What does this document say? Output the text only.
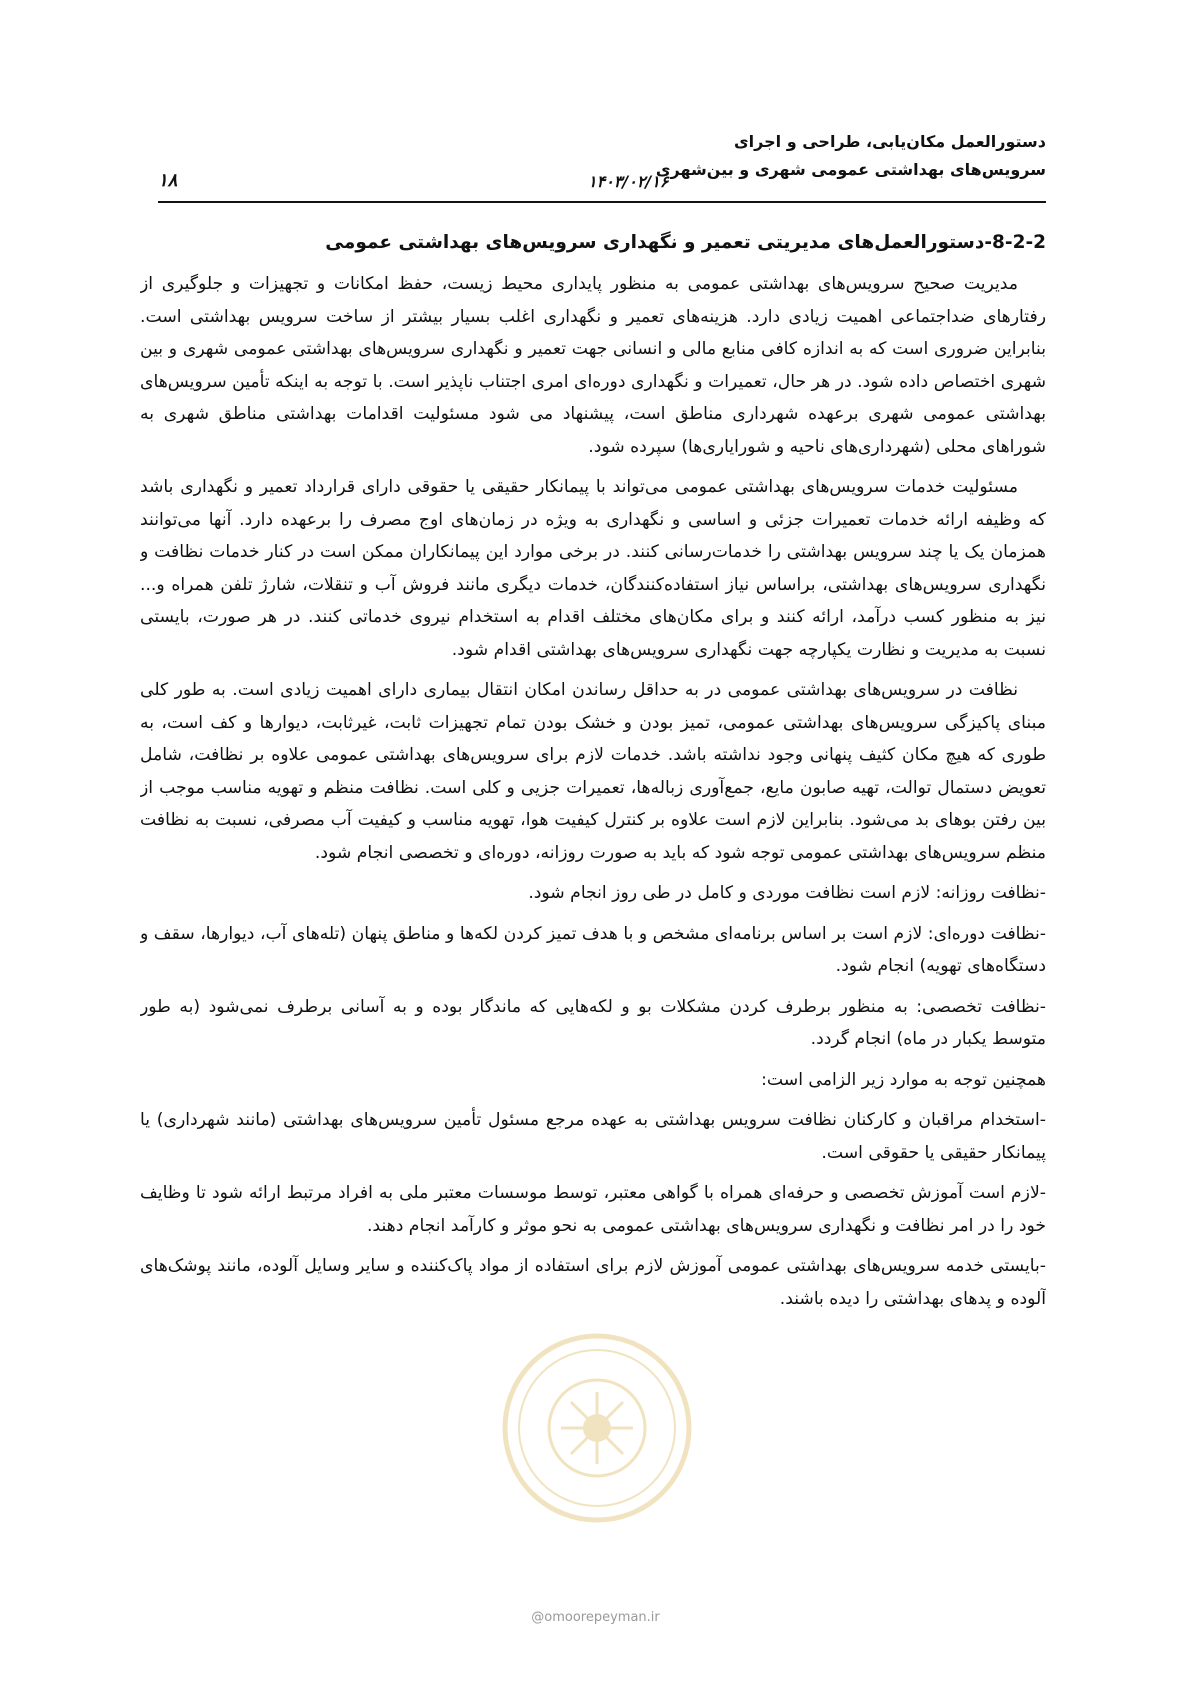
دستورالعمل مکان‌یابی، طراحی و اجرای
سرویس‌های بهداشتی عمومی شهری و بین‌شهری
۱۴۰۳/۰۲/۱۶
۱۸
8-2-2-دستورالعمل‌های مدیریتی تعمیر و نگهداری سرویس‌های بهداشتی عمومی

مدیریت صحیح سرویس‌های بهداشتی عمومی به منظور پایداری محیط زیست، حفظ امکانات و تجهیزات و جلوگیری از رفتارهای ضداجتماعی اهمیت زیادی دارد. هزینه‌های تعمیر و نگهداری اغلب بسیار بیشتر از ساخت سرویس بهداشتی است. بنابراین ضروری است که به اندازه کافی منابع مالی و انسانی جهت تعمیر و نگهداری سرویس‌های بهداشتی عمومی شهری و بین شهری اختصاص داده شود. در هر حال، تعمیرات و نگهداری دوره‌ای امری اجتناب ناپذیر است. با توجه به اینکه تأمین سرویس‌های بهداشتی عمومی شهری برعهده شهرداری مناطق است، پیشنهاد می شود مسئولیت اقدامات بهداشتی مناطق شهری به شوراهای محلی (شهرداری‌های ناحیه و شورایاری‌ها) سپرده شود.

مسئولیت خدمات سرویس‌های بهداشتی عمومی می‌تواند با پیمانکار حقیقی یا حقوقی دارای قرارداد تعمیر و نگهداری باشد که وظیفه ارائه خدمات تعمیرات جزئی و اساسی و نگهداری به ویژه در زمان‌های اوج مصرف را برعهده دارد. آنها می‌توانند همزمان یک یا چند سرویس بهداشتی را خدمات‌رسانی کنند. در برخی موارد این پیمانکاران ممکن است در کنار خدمات نظافت و نگهداری سرویس‌های بهداشتی، براساس نیاز استفاده‌کنندگان، خدمات دیگری مانند فروش آب و تنقلات، شارژ تلفن همراه و... نیز به منظور کسب درآمد، ارائه کنند و برای مکان‌های مختلف اقدام به استخدام نیروی خدماتی کنند. در هر صورت، بایستی نسبت به مدیریت و نظارت یکپارچه جهت نگهداری سرویس‌های بهداشتی اقدام شود.

نظافت در سرویس‌های بهداشتی عمومی در به حداقل رساندن امکان انتقال بیماری دارای اهمیت زیادی است. به طور کلی مبنای پاکیزگی سرویس‌های بهداشتی عمومی، تمیز بودن و خشک بودن تمام تجهیزات ثابت، غیرثابت، دیوارها و کف است، به طوری که هیچ مکان کثیف پنهانی وجود نداشته باشد. خدمات لازم برای سرویس‌های بهداشتی عمومی علاوه بر نظافت، شامل تعویض دستمال توالت، تهیه صابون مایع، جمع‌آوری زباله‌ها، تعمیرات جزیی و کلی است. نظافت منظم و تهویه مناسب موجب از بین رفتن بوهای بد می‌شود. بنابراین لازم است علاوه بر کنترل کیفیت هوا، تهویه مناسب و کیفیت آب مصرفی، نسبت به نظافت منظم سرویس‌های بهداشتی عمومی توجه شود که باید به صورت روزانه، دوره‌ای و تخصصی انجام شود.

-نظافت روزانه: لازم است نظافت موردی و کامل در طی روز انجام شود.

-نظافت دوره‌ای: لازم است بر اساس برنامه‌ای مشخص و با هدف تمیز کردن لکه‌ها و مناطق پنهان (تله‌های آب، دیوارها، سقف و دستگاه‌های تهویه) انجام شود.

-نظافت تخصصی: به منظور برطرف کردن مشکلات بو و لکه‌هایی که ماندگار بوده و به آسانی برطرف نمی‌شود (به طور متوسط یکبار در ماه) انجام گردد.

همچنین توجه به موارد زیر الزامی است:

-استخدام مراقبان و کارکنان نظافت سرویس بهداشتی به عهده مرجع مسئول تأمین سرویس‌های بهداشتی (مانند شهرداری) یا پیمانکار حقیقی یا حقوقی است.

-لازم است آموزش تخصصی و حرفه‌ای همراه با گواهی معتبر، توسط موسسات معتبر ملی به افراد مرتبط ارائه شود تا وظایف خود را در امر نظافت و نگهداری سرویس‌های بهداشتی عمومی به نحو موثر و کارآمد انجام دهند.

-بایستی خدمه سرویس‌های بهداشتی عمومی آموزش لازم برای استفاده از مواد پاک‌کننده و سایر وسایل آلوده، مانند پوشک‌های آلوده و پدهای بهداشتی را دیده باشند.

@omoorepeyman.ir
